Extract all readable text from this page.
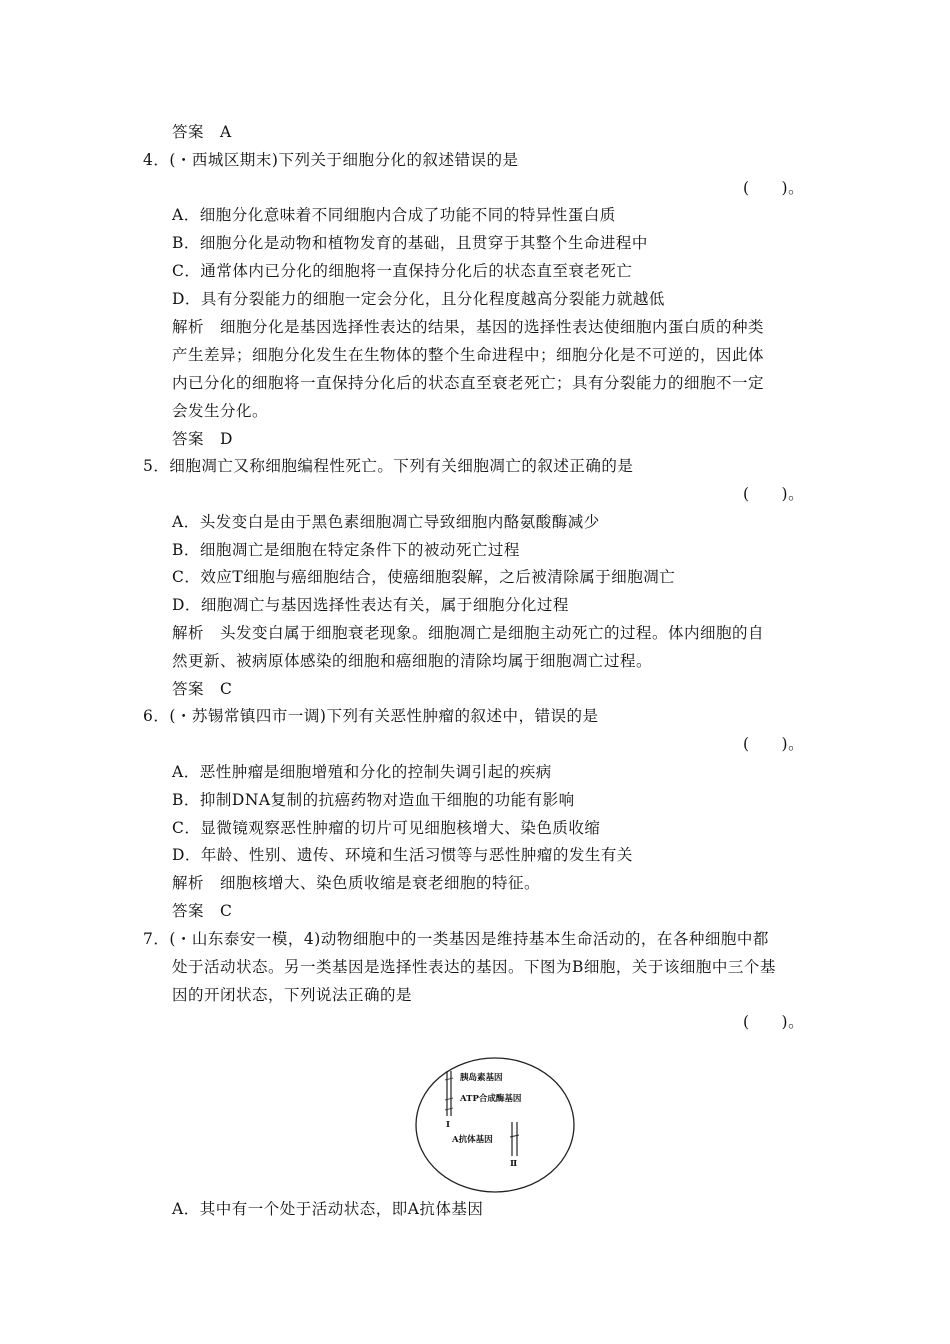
答案　A
4．(・西城区期末)下列关于细胞分化的叙述错误的是
(　　)。
A．细胞分化意味着不同细胞内合成了功能不同的特异性蛋白质
B．细胞分化是动物和植物发育的基础，且贯穿于其整个生命进程中
C．通常体内已分化的细胞将一直保持分化后的状态直至衰老死亡
D．具有分裂能力的细胞一定会分化，且分化程度越高分裂能力就越低
解析　细胞分化是基因选择性表达的结果，基因的选择性表达使细胞内蛋白质的种类
产生差异；细胞分化发生在生物体的整个生命进程中；细胞分化是不可逆的，因此体
内已分化的细胞将一直保持分化后的状态直至衰老死亡；具有分裂能力的细胞不一定
会发生分化。
答案　D
5．细胞凋亡又称细胞编程性死亡。下列有关细胞凋亡的叙述正确的是
(　　)。
A．头发变白是由于黑色素细胞凋亡导致细胞内酪氨酸酶减少
B．细胞凋亡是细胞在特定条件下的被动死亡过程
C．效应T细胞与癌细胞结合，使癌细胞裂解，之后被清除属于细胞凋亡
D．细胞凋亡与基因选择性表达有关，属于细胞分化过程
解析　头发变白属于细胞衰老现象。细胞凋亡是细胞主动死亡的过程。体内细胞的自
然更新、被病原体感染的细胞和癌细胞的清除均属于细胞凋亡过程。
答案　C
6．(・苏锡常镇四市一调)下列有关恶性肿瘤的叙述中，错误的是
(　　)。
A．恶性肿瘤是细胞增殖和分化的控制失调引起的疾病
B．抑制DNA复制的抗癌药物对造血干细胞的功能有影响
C．显微镜观察恶性肿瘤的切片可见细胞核增大、染色质收缩
D．年龄、性别、遗传、环境和生活习惯等与恶性肿瘤的发生有关
解析　细胞核增大、染色质收缩是衰老细胞的特征。
答案　C
7．(・山东泰安一模，4)动物细胞中的一类基因是维持基本生命活动的，在各种细胞中都
处于活动状态。另一类基因是选择性表达的基因。下图为B细胞，关于该细胞中三个基
因的开闭状态，下列说法正确的是
(　　)。
胰岛素基因
ATP合成酶基因
Ⅰ
A抗体基因
Ⅱ
A．其中有一个处于活动状态，即A抗体基因
